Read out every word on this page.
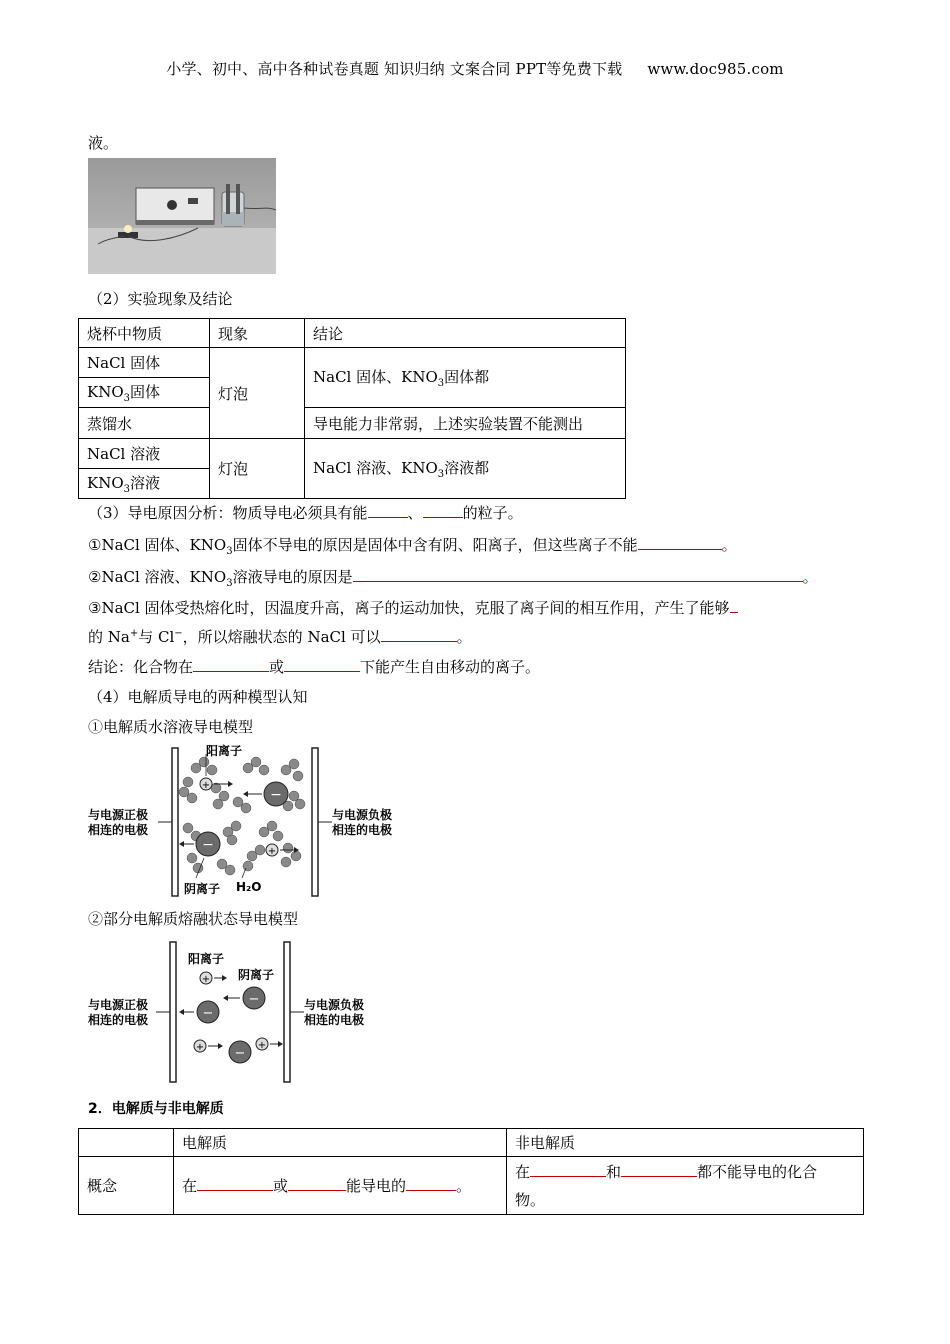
小学、初中、高中各种试卷真题 知识归纳 文案合同 PPT等免费下载 www.doc985.com
液。
（2）实验现象及结论
烧杯中物质	现象	结论
NaCl 固体	灯泡	NaCl 固体、$KNO_3$固体都
$KNO_3$固体		
蒸馏水		导电能力非常弱，上述实验装置不能测出
NaCl 溶液	灯泡	NaCl 溶液、$KNO_3$溶液都
$KNO_3$溶液		
（3）导电原因分析：物质导电必须具有能	、	的粒子。
①NaCl 固体、$KNO_3$固体不导电的原因是固体中含有阴、阳离子，但这些离子不能	。
②NaCl 溶液、$KNO_3$溶液导电的原因是	。
③NaCl 固体受热熔化时，因温度升高，离子的运动加快，克服了离子间的相互作用，产生了能够
的 Na+与 Cl−，所以熔融状态的 NaCl 可以	。
结论：化合物在	或	下能产生自由移动的离子。
（4）电解质导电的两种模型认知
①电解质水溶液导电模型
−
−
+
+
与电源正极
相连的电极
与电源负极
相连的电极
阳离子
阴离子 H₂O
②部分电解质熔融状态导电模型
+
−
−
+ −
+
与电源正极
相连的电极
与电源负极
相连的电极
阳离子
阴离子
2．电解质与非电解质
	电解质	非电解质
概念	在 或 能导电的 。	在 和 都不能导电的化合
物。
